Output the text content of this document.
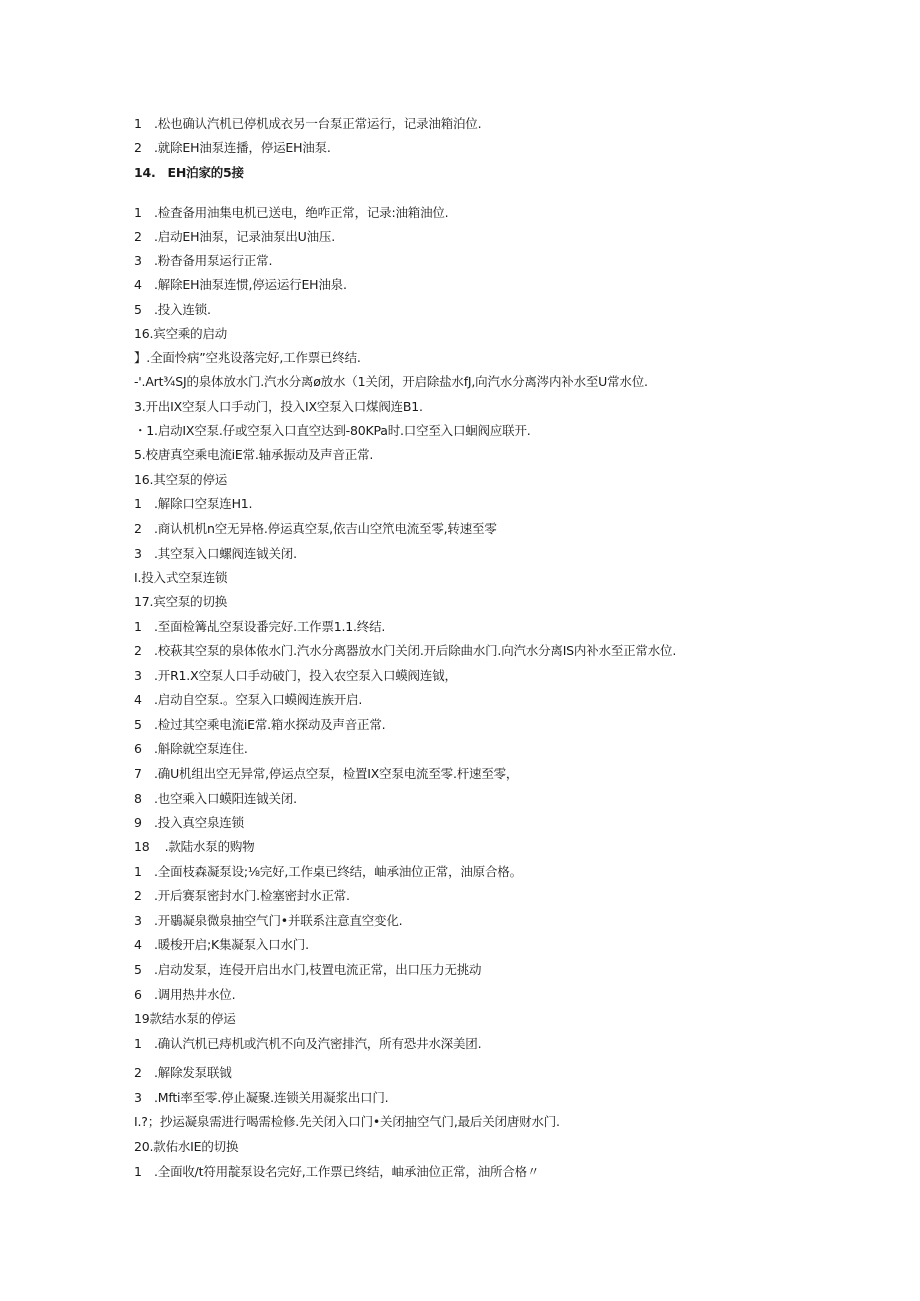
1 .松也确认汽机已停机成衣另一台泵正常运行，记录油箱泊位.
2 .就除EH油泵连播，停运EH油泵.
14. EH泊家的5接
1 .检査备用油集电机已送电，绝咋正常，记录:油箱油位.
2 .启动EH油泵，记录油泵出U油压.
3 .粉杳备用泵运行正常.
4 .解除EH油泵连惯,停运运行EH油泉.
5 .投入连锁.
16.宾空乘的启动
】.全面怜病”空兆设落完好,工作票已终结.
-'.Art¾SJ的泉体放水门.汽水分离ø放水（1关闭，开启除盐水fJ,向汽水分离涔内补水至U常水位.
3.开出IX空泵人口手动门，投入IX空泵入口煤阀连B1.
・1.启动IX空泵.仔或空泵入口直空达到-80KPa时.口空至入口蛔阀应联开.
5.校唐真空乘电流iE常.轴承振动及声音正常.
16.其空泵的停运
1 .解除口空泵连H1.
2 .商认机机n空无异格.停运真空泵,依吉山空笊电流至零,转速至零
3 .其空泵入口螺阀连钺关闭.
I.投入式空泵连锁
17.宾空泵的切换
1 .至面检篝乩空泵设番完好.工作票1.1.终结.
2 .校萩其空泵的泉体侬水门.汽水分离器放水门关闭.开后除曲水门.向汽水分离IS内补水至正常水位.
3 .开R1.X空泵人口手动破门，投入农空泵入口蟆阀连钺，
4 .启动自空泵.。空泵入口蟆阀连族开启.
5 .检过其空乘电流iE常.箱水探动及声音正常.
6 .斛除就空泵连住.
7 .确U机组出空无异常,停运点空泵，检置IX空泵电流至零.杆速至零，
8 .也空乘入口蟆阳连钺关闭.
9 .投入真空泉连锁
18    .款陆水泵的购物
1 .全面枝森凝泵设;⅛完好,工作桌已终结，岫承油位正常，油原合格。
2 .开后赛泵密封水门.检塞密封水正常.
3 .开鶡凝泉微泉抽空气门•并联系注意直空变化.
4 .暖梭开启;K集凝泵入口水门.
5 .启动发泵，连侵开启出水门,枝置电流正常，出口压力无挑动
6 .调用热井水位.
19款结水泵的停运
1 .确认汽机已痔机或汽机不向及汽密排汽，所有恐井水深美团.
2 .解除发泵联钺
3 .Mfti率至零.停止凝聚.连锁关用凝浆出口门.
I.?；抄运凝泉需进行喝需检修.先关闭入口门•关闭抽空气门,最后关闭唐财水门.
20.款佑水IE的切换
1 .全面收/t符用靛泵设名完好,工作票已终结，岫承油位正常，油所合格〃
